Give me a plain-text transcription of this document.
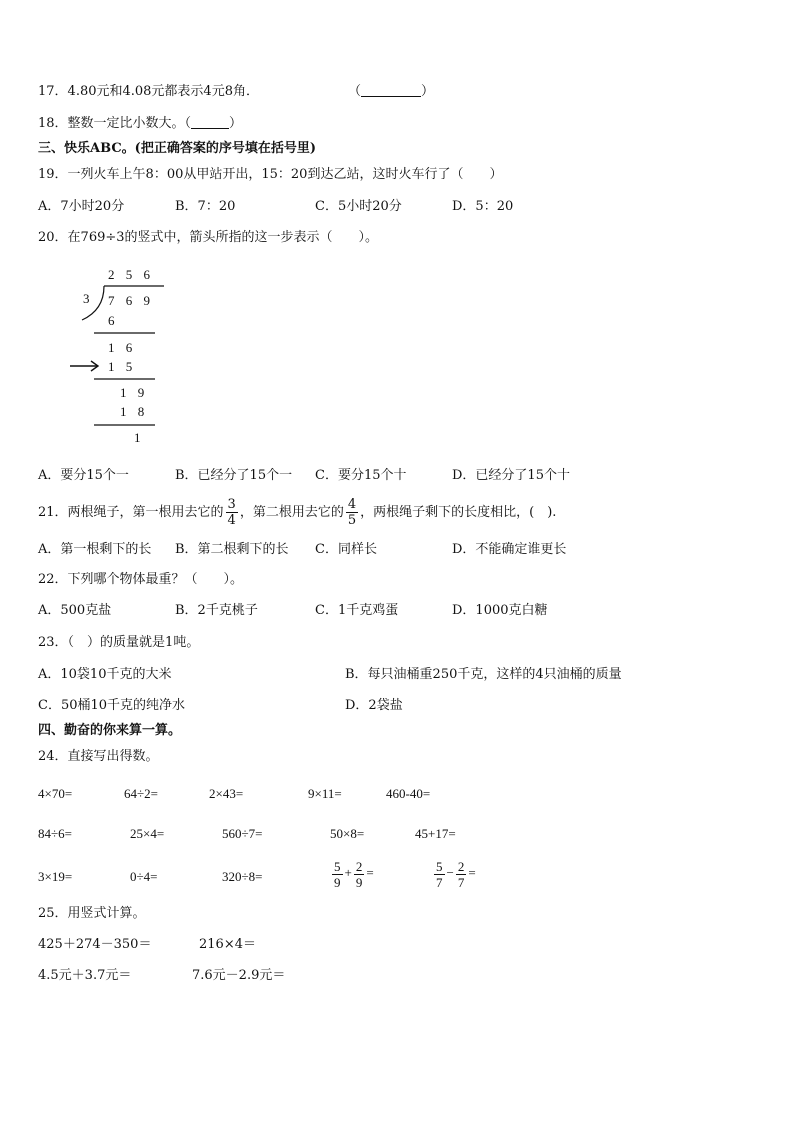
17．4.80元和4.08元都表示4元8角．	（	）
18．整数一定比小数大。（	）
三、快乐ABC。(把正确答案的序号填在括号里)
19．一列火车上午8：00从甲站开出，15：20到达乙站，这时火车行了（　　）
A．7小时20分	B．7：20	C．5小时20分	D．5：20
20．在769÷3的竖式中，箭头所指的这一步表示（　　）。
2 5 6
3 7 6 9
6
1 6
1 5
1 9
1 8
1
A．要分15个一	B．已经分了15个一 C．要分15个十	D．已经分了15个十
21．两根绳子，第一根用去它的 $\frac{3}{4}$ ，第二根用去它的 $\frac{4}{5}$ ，两根绳子剩下的长度相比，(　).
A．第一根剩下的长 B．第二根剩下的长 C．同样长	D．不能确定谁更长
22．下列哪个物体最重？（　　）。
A．500克盐	B．2千克桃子	C．1千克鸡蛋	D．1000克白糖
23．（　）的质量就是1吨。
A．10袋10千克的大米	B．每只油桶重250千克，这样的4只油桶的质量
C．50桶10千克的纯净水	D．2袋盐
四、勤奋的你来算一算。
24．直接写出得数。
4×70=	64÷2=	2×43=	9×11=	460-40=
84÷6=	25×4=	560÷7=	50×8=	45+17=
3×19=	0÷4=	320÷8=	$\frac{5}{9} + \frac{2}{9}$ =	$\frac{5}{7} - \frac{2}{7}$ =
25．用竖式计算。
425＋274－350＝	216×4＝
4.5元＋3.7元＝	7.6元－2.9元＝
